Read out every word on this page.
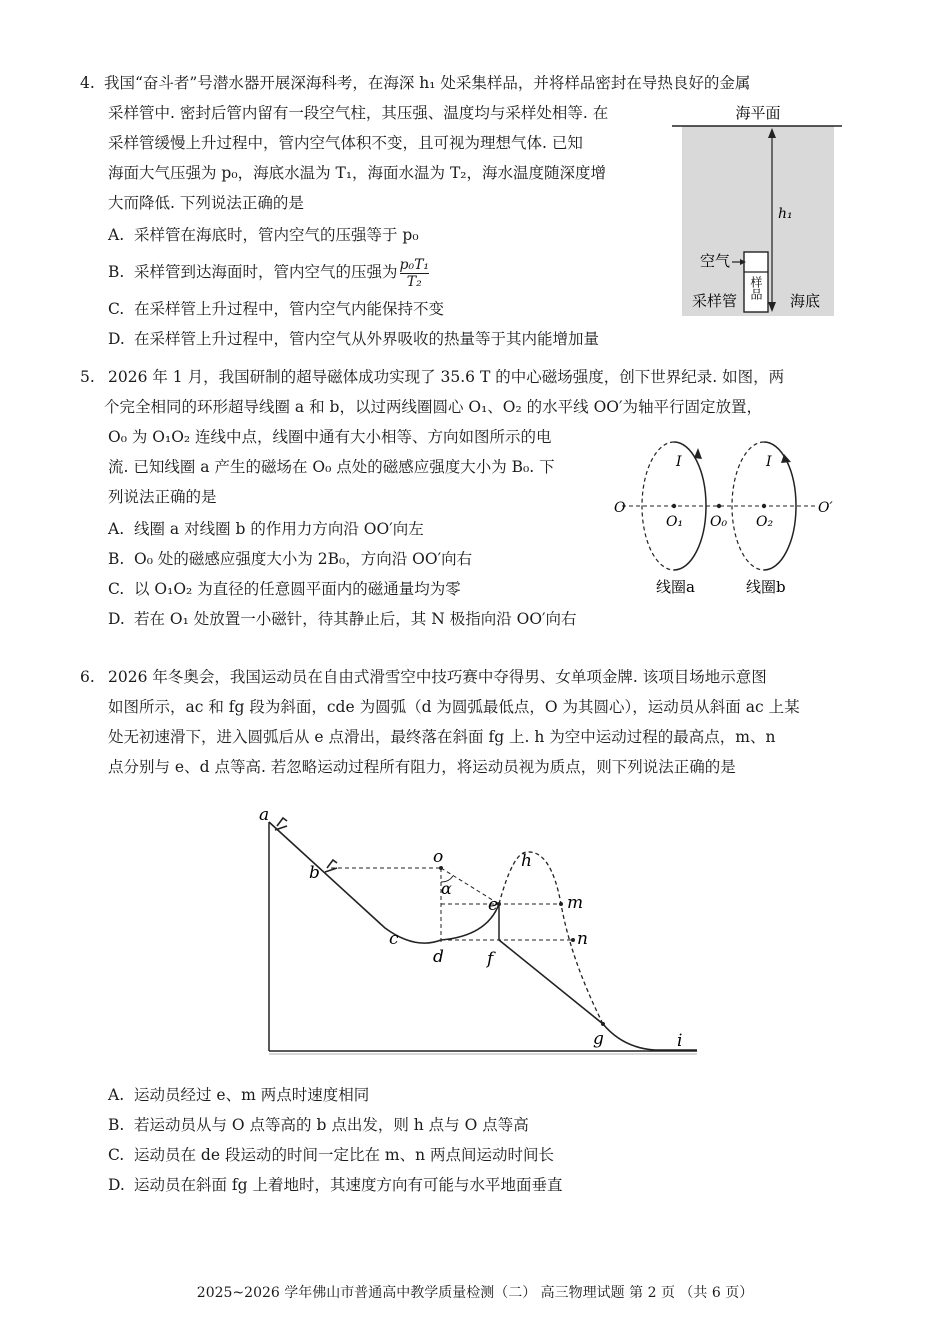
4. 我国“奋斗者”号潜水器开展深海科考，在海深 h₁ 处采集样品，并将样品密封在导热良好的金属
采样管中. 密封后管内留有一段空气柱，其压强、温度均与采样处相等. 在
采样管缓慢上升过程中，管内空气体积不变，且可视为理想气体. 已知
海面大气压强为 p₀，海底水温为 T₁，海面水温为 T₂，海水温度随深度增
大而降低. 下列说法正确的是
A. 采样管在海底时，管内空气的压强等于 p₀
B. 采样管到达海面时，管内空气的压强为 $\frac{\text{p₀T₁}}{\text{T₂}}$
C. 在采样管上升过程中，管内空气内能保持不变
D. 在采样管上升过程中，管内空气从外界吸收的热量等于其内能增加量
海平面
h₁
样品
空气
采样管	海底
5. 2026 年 1 月，我国研制的超导磁体成功实现了 35.6 T 的中心磁场强度，创下世界纪录. 如图，两
个完全相同的环形超导线圈 a 和 b，以过两线圈圆心 O₁、O₂ 的水平线 OO′为轴平行固定放置，
O₀ 为 O₁O₂ 连线中点，线圈中通有大小相等、方向如图所示的电
流. 已知线圈 a 产生的磁场在 O₀ 点处的磁感应强度大小为 B₀. 下
列说法正确的是
A. 线圈 a 对线圈 b 的作用力方向沿 OO′向左
B. O₀ 处的磁感应强度大小为 2B₀，方向沿 OO′向右
C. 以 O₁O₂ 为直径的任意圆平面内的磁通量均为零
D. 若在 O₁ 处放置一小磁针，待其静止后，其 N 极指向沿 OO′向右
O	O′
O₁ O₀ O₂
I	I
线圈a	线圈b
6. 2026 年冬奥会，我国运动员在自由式滑雪空中技巧赛中夺得男、女单项金牌. 该项目场地示意图
如图所示，ac 和 fg 段为斜面，cde 为圆弧（d 为圆弧最低点，O 为其圆心），运动员从斜面 ac 上某
处无初速滑下，进入圆弧后从 e 点滑出，最终落在斜面 fg 上. h 为空中运动过程的最高点，m、n
点分别与 e、d 点等高. 若忽略运动过程所有阻力，将运动员视为质点，则下列说法正确的是
a
b
c
d
e
f
g
h
i
m
n
o
α
A. 运动员经过 e、m 两点时速度相同
B. 若运动员从与 O 点等高的 b 点出发，则 h 点与 O 点等高
C. 运动员在 de 段运动的时间一定比在 m、n 两点间运动时间长
D. 运动员在斜面 fg 上着地时，其速度方向有可能与水平地面垂直
2025~2026 学年佛山市普通高中教学质量检测（二） 高三物理试题 第 2 页 （共 6 页）
